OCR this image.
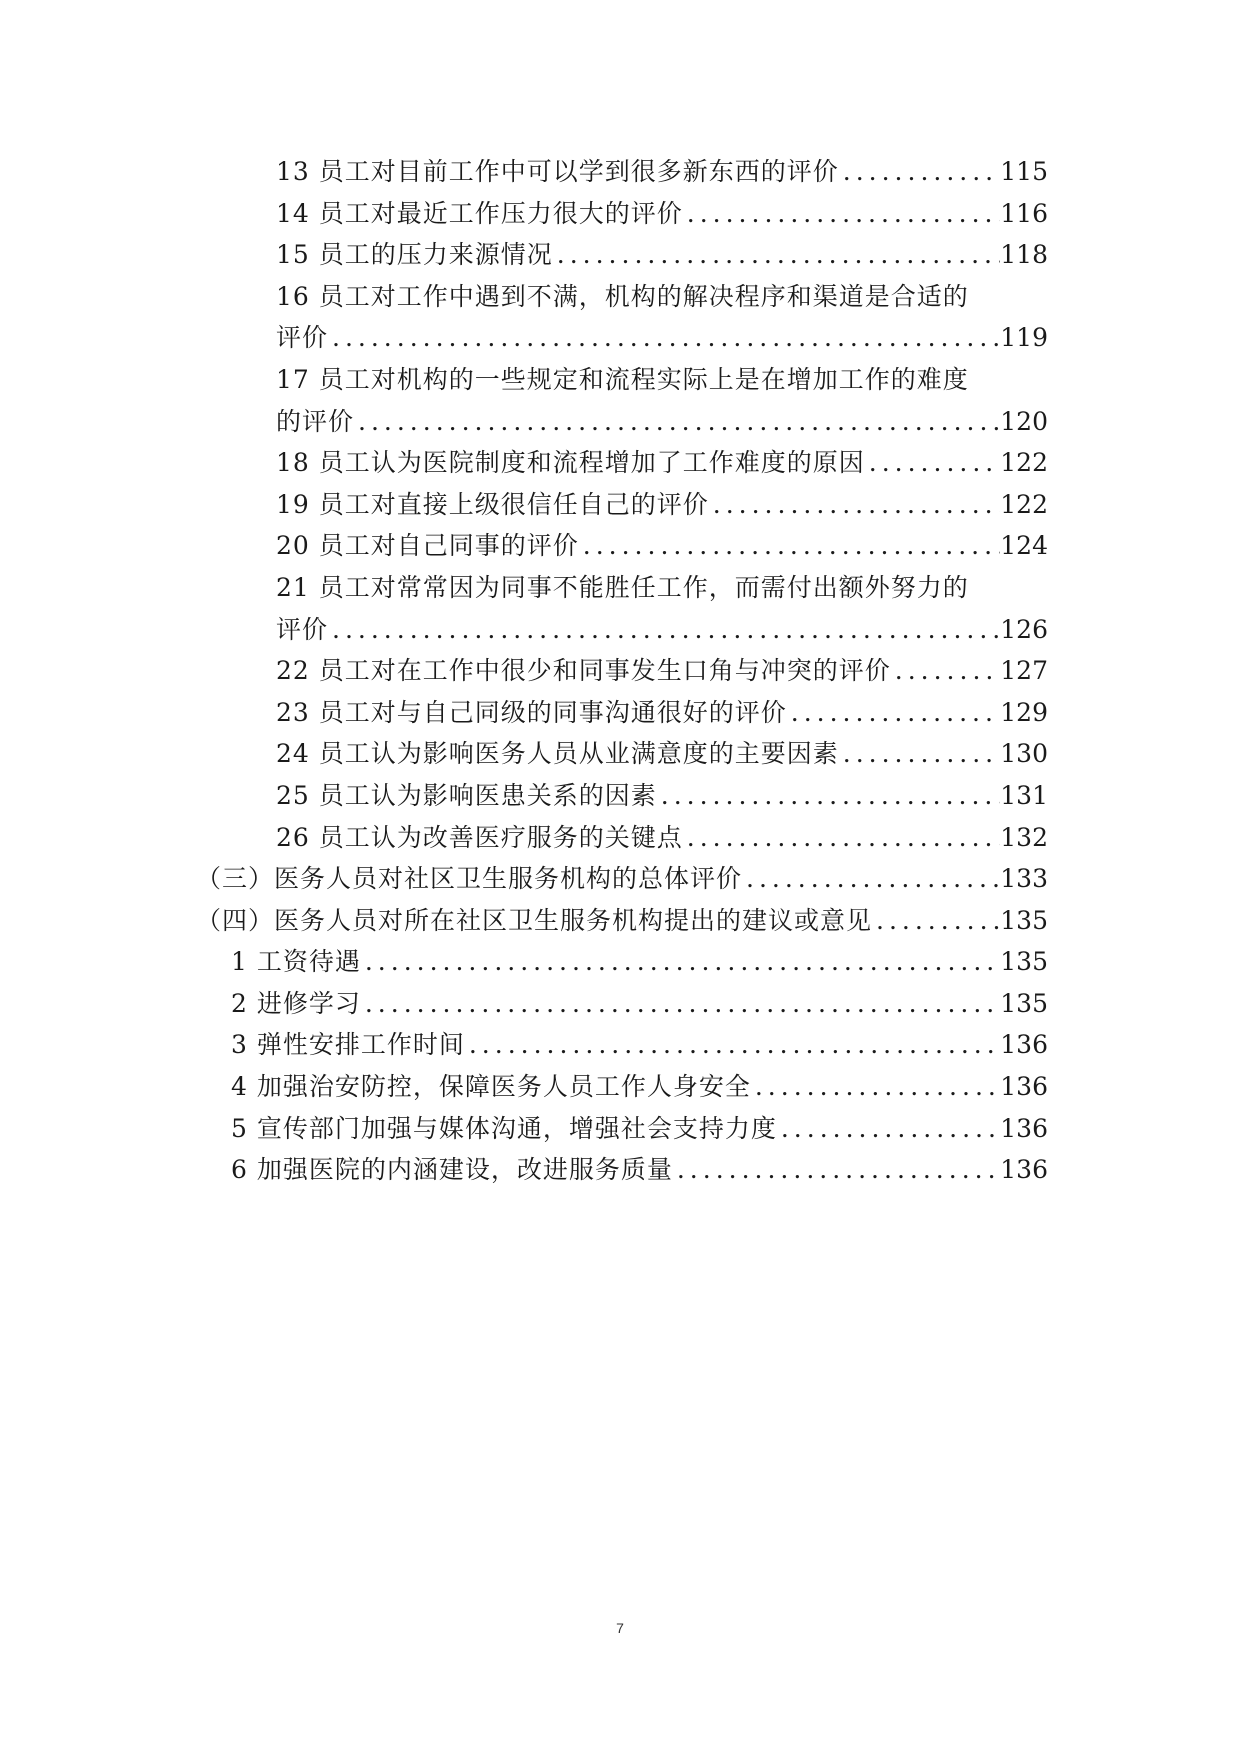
13 员工对目前工作中可以学到很多新东西的评价 .....	115
14 员工对最近工作压力很大的评价 .....	116
15 员工的压力来源情况 .....	118
16 员工对工作中遇到不满，机构的解决程序和渠道是合适的
评价 .....	119
17 员工对机构的一些规定和流程实际上是在增加工作的难度
的评价 .....	120
18 员工认为医院制度和流程增加了工作难度的原因 .....	122
19 员工对直接上级很信任自己的评价 .....	122
20 员工对自己同事的评价 .....	124
21 员工对常常因为同事不能胜任工作，而需付出额外努力的
评价 .....	126
22 员工对在工作中很少和同事发生口角与冲突的评价 .....	127
23 员工对与自己同级的同事沟通很好的评价 .....	129
24 员工认为影响医务人员从业满意度的主要因素 .....	130
25 员工认为影响医患关系的因素 .....	131
26 员工认为改善医疗服务的关键点 .....	132
（三）医务人员对社区卫生服务机构的总体评价 .....	133
（四）医务人员对所在社区卫生服务机构提出的建议或意见 .....	135
1 工资待遇 .....	135
2 进修学习 .....	135
3 弹性安排工作时间 .....	136
4 加强治安防控，保障医务人员工作人身安全 .....	136
5 宣传部门加强与媒体沟通，增强社会支持力度 .....	136
6 加强医院的内涵建设，改进服务质量 .....	136
7
